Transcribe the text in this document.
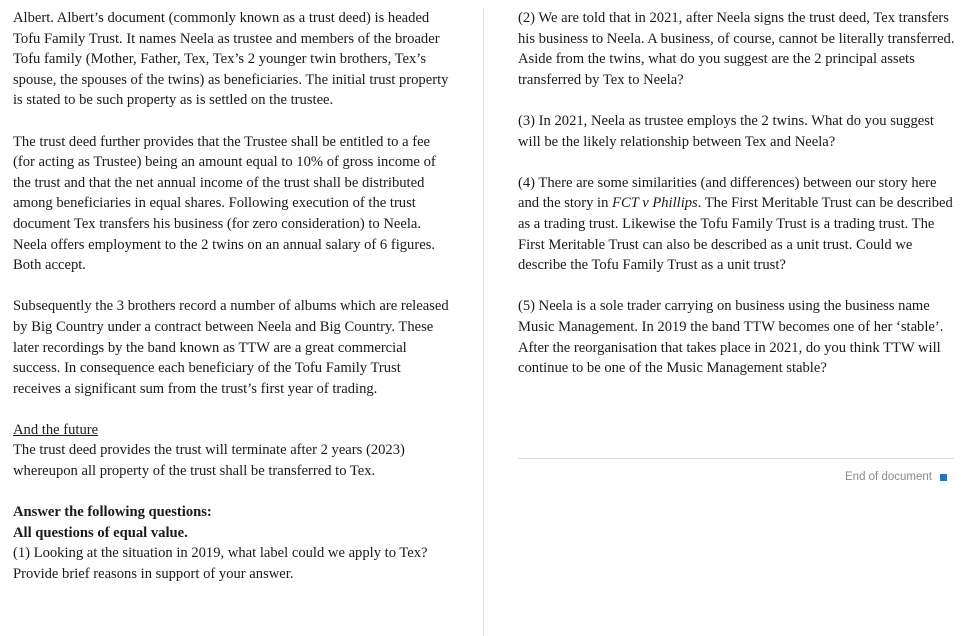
Albert. Albert’s document (commonly known as a trust deed) is headed Tofu Family Trust. It names Neela as trustee and members of the broader Tofu family (Mother, Father, Tex, Tex’s 2 younger twin brothers, Tex’s spouse, the spouses of the twins) as beneficiaries. The initial trust property is stated to be such property as is settled on the trustee.

The trust deed further provides that the Trustee shall be entitled to a fee (for acting as Trustee) being an amount equal to 10% of gross income of the trust and that the net annual income of the trust shall be distributed among beneficiaries in equal shares. Following execution of the trust document Tex transfers his business (for zero consideration) to Neela. Neela offers employment to the 2 twins on an annual salary of 6 figures. Both accept.

Subsequently the 3 brothers record a number of albums which are released by Big Country under a contract between Neela and Big Country. These later recordings by the band known as TTW are a great commercial success. In consequence each beneficiary of the Tofu Family Trust receives a significant sum from the trust’s first year of trading.

And the future

The trust deed provides the trust will terminate after 2 years (2023) whereupon all property of the trust shall be transferred to Tex.

Answer the following questions:

All questions of equal value.

(1) Looking at the situation in 2019, what label could we apply to Tex? Provide brief reasons in support of your answer.

(2) We are told that in 2021, after Neela signs the trust deed, Tex transfers his business to Neela. A business, of course, cannot be literally transferred. Aside from the twins, what do you suggest are the 2 principal assets transferred by Tex to Neela?

(3) In 2021, Neela as trustee employs the 2 twins. What do you suggest will be the likely relationship between Tex and Neela?

(4) There are some similarities (and differences) between our story here and the story in FCT v Phillips. The First Meritable Trust can be described as a trading trust. Likewise the Tofu Family Trust is a trading trust. The First Meritable Trust can also be described as a unit trust. Could we describe the Tofu Family Trust as a unit trust?

(5) Neela is a sole trader carrying on business using the business name Music Management. In 2019 the band TTW becomes one of her ‘stable’. After the reorganisation that takes place in 2021, do you think TTW will continue to be one of the Music Management stable?

End of document
